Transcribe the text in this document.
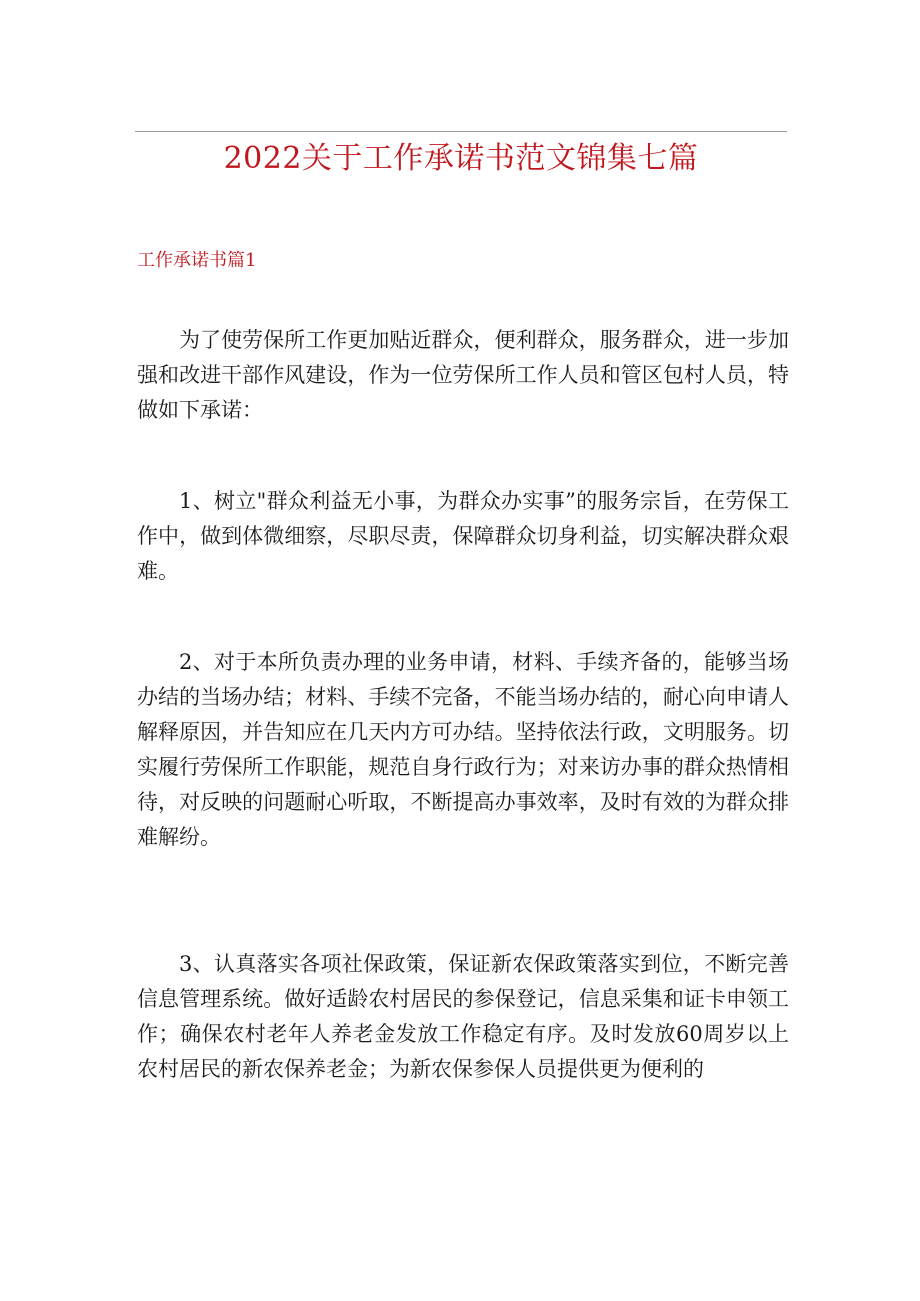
2022关于工作承诺书范文锦集七篇
工作承诺书篇1

为了使劳保所工作更加贴近群众，便利群众，服务群众，进一步加强和改进干部作风建设，作为一位劳保所工作人员和管区包村人员，特做如下承诺：

1、树立"群众利益无小事，为群众办实事”的服务宗旨，在劳保工作中，做到体微细察，尽职尽责，保障群众切身利益，切实解决群众艰难。

2、对于本所负责办理的业务申请，材料、手续齐备的，能够当场办结的当场办结；材料、手续不完备，不能当场办结的，耐心向申请人解释原因，并告知应在几天内方可办结。坚持依法行政，文明服务。切实履行劳保所工作职能，规范自身行政行为；对来访办事的群众热情相待，对反映的问题耐心听取，不断提高办事效率，及时有效的为群众排难解纷。

3、认真落实各项社保政策，保证新农保政策落实到位，不断完善信息管理系统。做好适龄农村居民的参保登记，信息采集和证卡申领工作；确保农村老年人养老金发放工作稳定有序。及时发放60周岁以上农村居民的新农保养老金；为新农保参保人员提供更为便利的
